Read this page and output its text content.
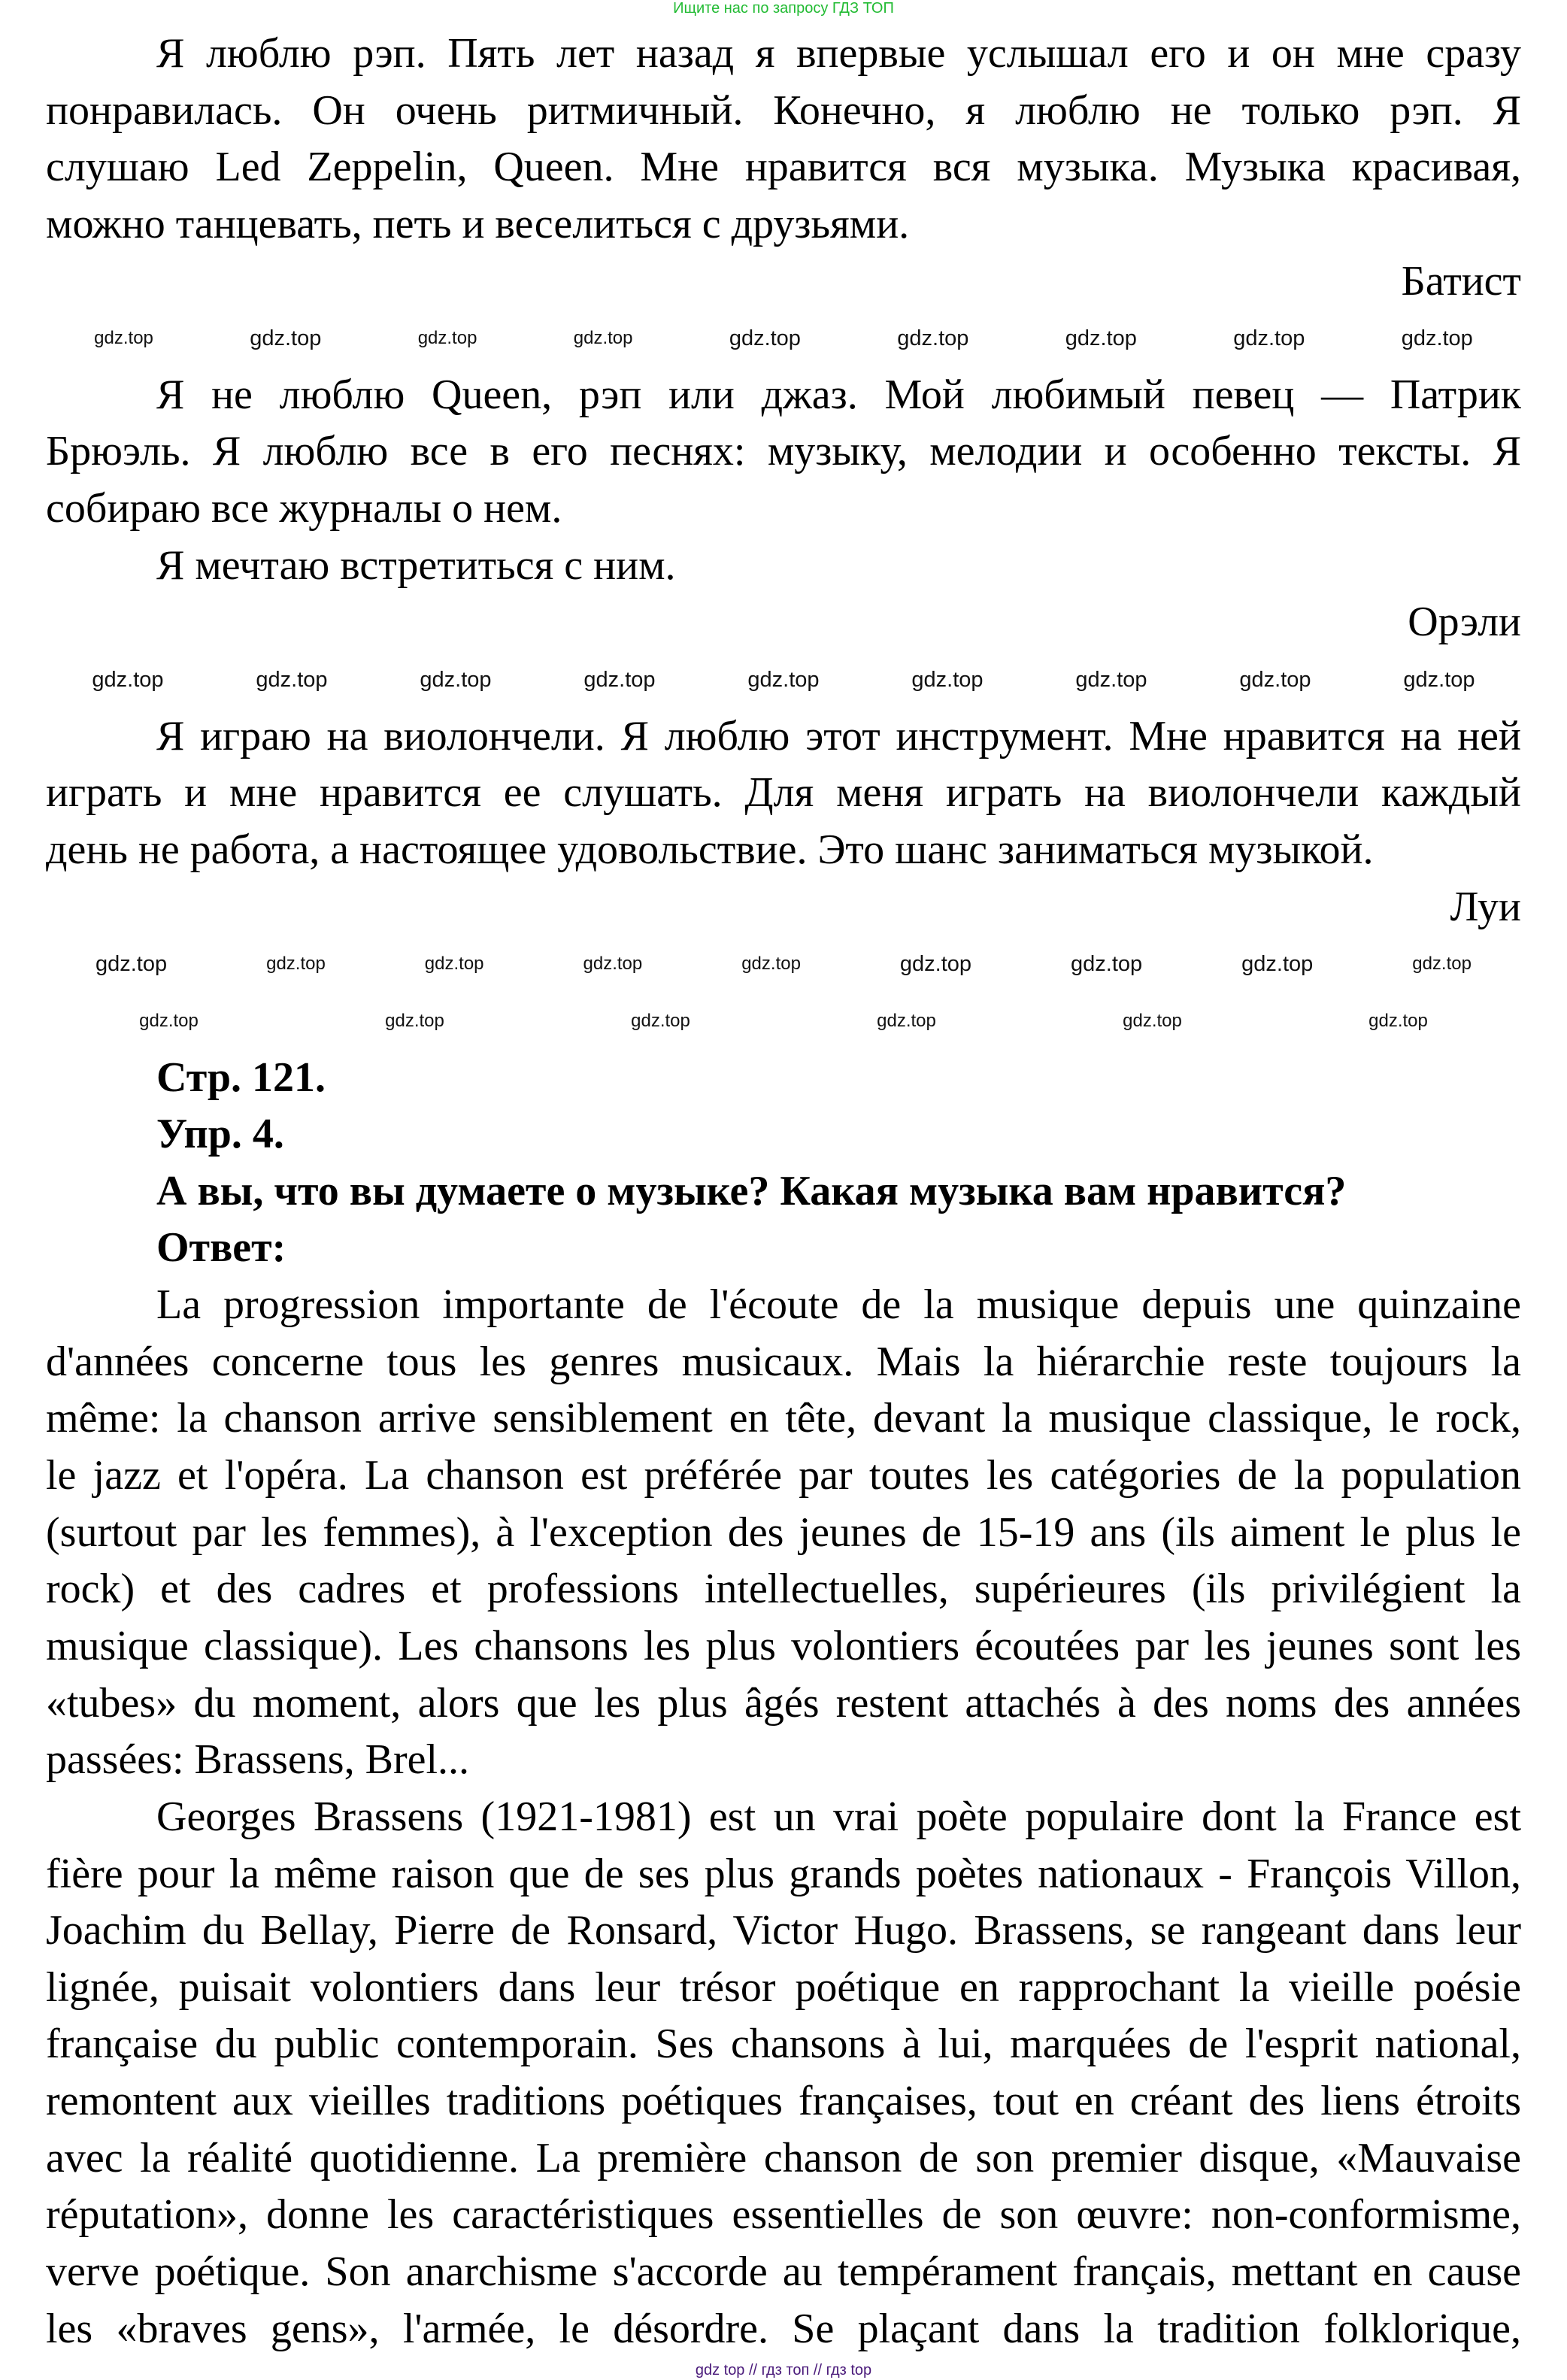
Ищите нас по запросу ГДЗ ТОП
Я люблю рэп. Пять лет назад я впервые услышал его и он мне сразу
понравилась. Он очень ритмичный. Конечно, я люблю не только рэп. Я
слушаю Led Zeppelin, Queen. Мне нравится вся музыка. Музыка красивая,
можно танцевать, петь и веселиться с друзьями.
Батист
gdz.top	gdz.top	gdz.top	gdz.top	gdz.top	gdz.top	gdz.top	gdz.top	gdz.top
Я не люблю Queen, рэп или джаз. Мой любимый певец — Патрик
Брюэль. Я люблю все в его песнях: музыку, мелодии и особенно тексты. Я
собираю все журналы о нем.
Я мечтаю встретиться с ним.
Орэли
gdz.top	gdz.top	gdz.top	gdz.top	gdz.top	gdz.top	gdz.top	gdz.top	gdz.top
Я играю на виолончели. Я люблю этот инструмент. Мне нравится на ней
играть и мне нравится ее слушать. Для меня играть на виолончели каждый
день не работа, а настоящее удовольствие. Это шанс заниматься музыкой.
Луи
gdz.top	gdz.top	gdz.top	gdz.top	gdz.top	gdz.top	gdz.top	gdz.top	gdz.top
gdz.top	gdz.top	gdz.top	gdz.top	gdz.top	gdz.top
Стр. 121.
Упр. 4.
А вы, что вы думаете о музыке? Какая музыка вам нравится?
Ответ:
La progression importante de l'écoute de la musique depuis une quinzaine
d'années concerne tous les genres musicaux. Mais la hiérarchie reste toujours la
même: la chanson arrive sensiblement en tête, devant la musique classique, le rock,
le jazz et l'opéra. La chanson est préférée par toutes les catégories de la population
(surtout par les femmes), à l'exception des jeunes de 15-19 ans (ils aiment le plus le
rock) et des cadres et professions intellectuelles, supérieures (ils privilégient la
musique classique). Les chansons les plus volontiers écoutées par les jeunes sont les
«tubes» du moment, alors que les plus âgés restent attachés à des noms des années
passées: Brassens, Brel...
Georges Brassens (1921-1981) est un vrai poète populaire dont la France est
fière pour la même raison que de ses plus grands poètes nationaux - François Villon,
Joachim du Bellay, Pierre de Ronsard, Victor Hugo. Brassens, se rangeant dans leur
lignée, puisait volontiers dans leur trésor poétique en rapprochant la vieille poésie
française du public contemporain. Ses chansons à lui, marquées de l'esprit national,
remontent aux vieilles traditions poétiques françaises, tout en créant des liens étroits
avec la réalité quotidienne. La première chanson de son premier disque, «Mauvaise
réputation», donne les caractéristiques essentielles de son œuvre: non-conformisme,
verve poétique. Son anarchisme s'accorde au tempérament français, mettant en cause
les «braves gens», l'armée, le désordre. Se plaçant dans la tradition folklorique,
gdz top // гдз топ // гдз top
